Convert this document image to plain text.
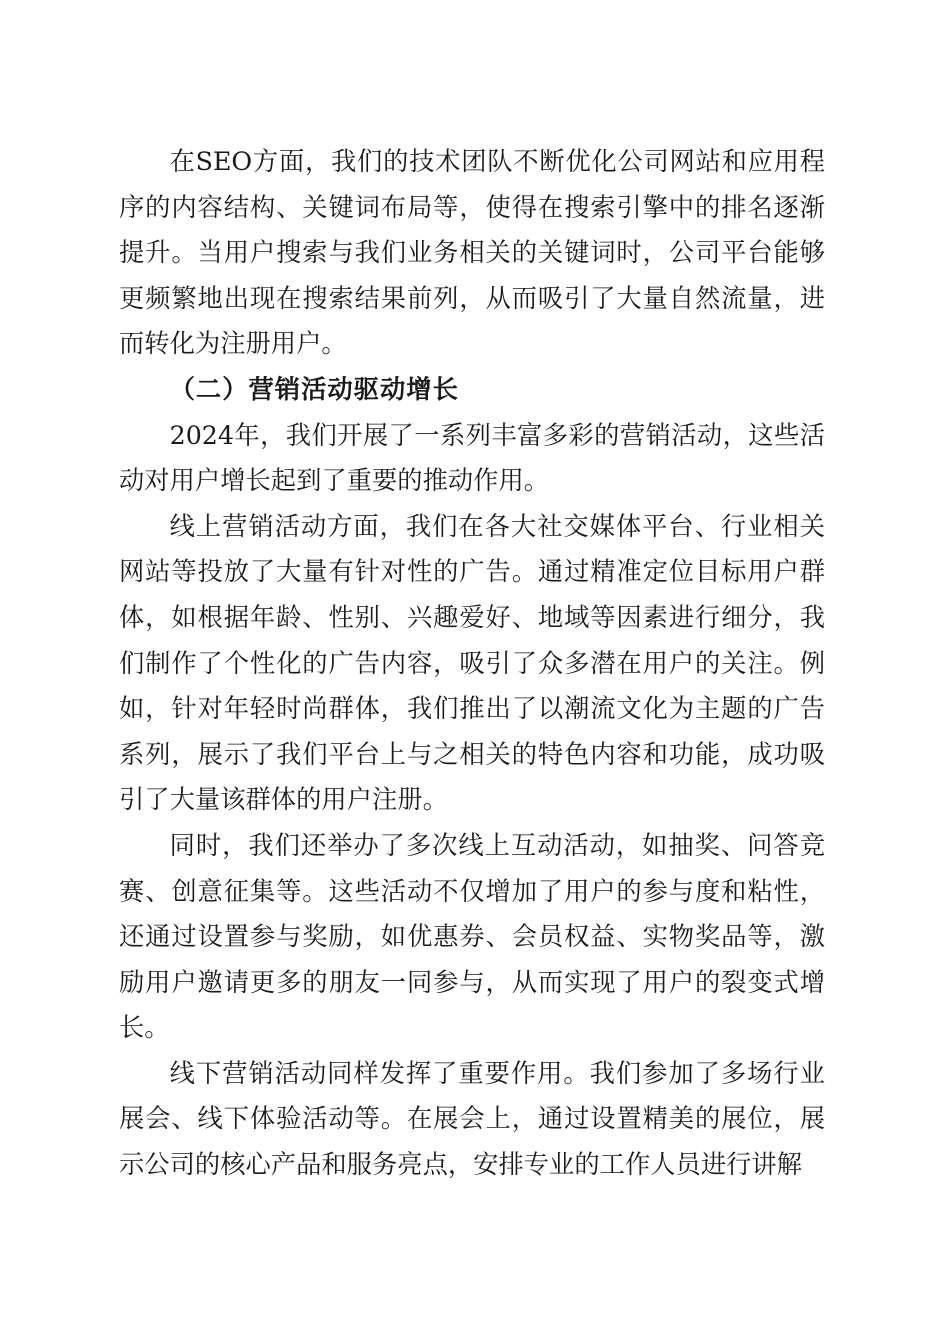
在SEO方面，我们的技术团队不断优化公司网站和应用程序的内容结构、关键词布局等，使得在搜索引擎中的排名逐渐提升。当用户搜索与我们业务相关的关键词时，公司平台能够更频繁地出现在搜索结果前列，从而吸引了大量自然流量，进而转化为注册用户。

（二）营销活动驱动增长

2024年，我们开展了一系列丰富多彩的营销活动，这些活动对用户增长起到了重要的推动作用。

线上营销活动方面，我们在各大社交媒体平台、行业相关网站等投放了大量有针对性的广告。通过精准定位目标用户群体，如根据年龄、性别、兴趣爱好、地域等因素进行细分，我们制作了个性化的广告内容，吸引了众多潜在用户的关注。例如，针对年轻时尚群体，我们推出了以潮流文化为主题的广告系列，展示了我们平台上与之相关的特色内容和功能，成功吸引了大量该群体的用户注册。

同时，我们还举办了多次线上互动活动，如抽奖、问答竞赛、创意征集等。这些活动不仅增加了用户的参与度和粘性，还通过设置参与奖励，如优惠券、会员权益、实物奖品等，激励用户邀请更多的朋友一同参与，从而实现了用户的裂变式增长。

线下营销活动同样发挥了重要作用。我们参加了多场行业展会、线下体验活动等。在展会上，通过设置精美的展位，展示公司的核心产品和服务亮点，安排专业的工作人员进行讲解
